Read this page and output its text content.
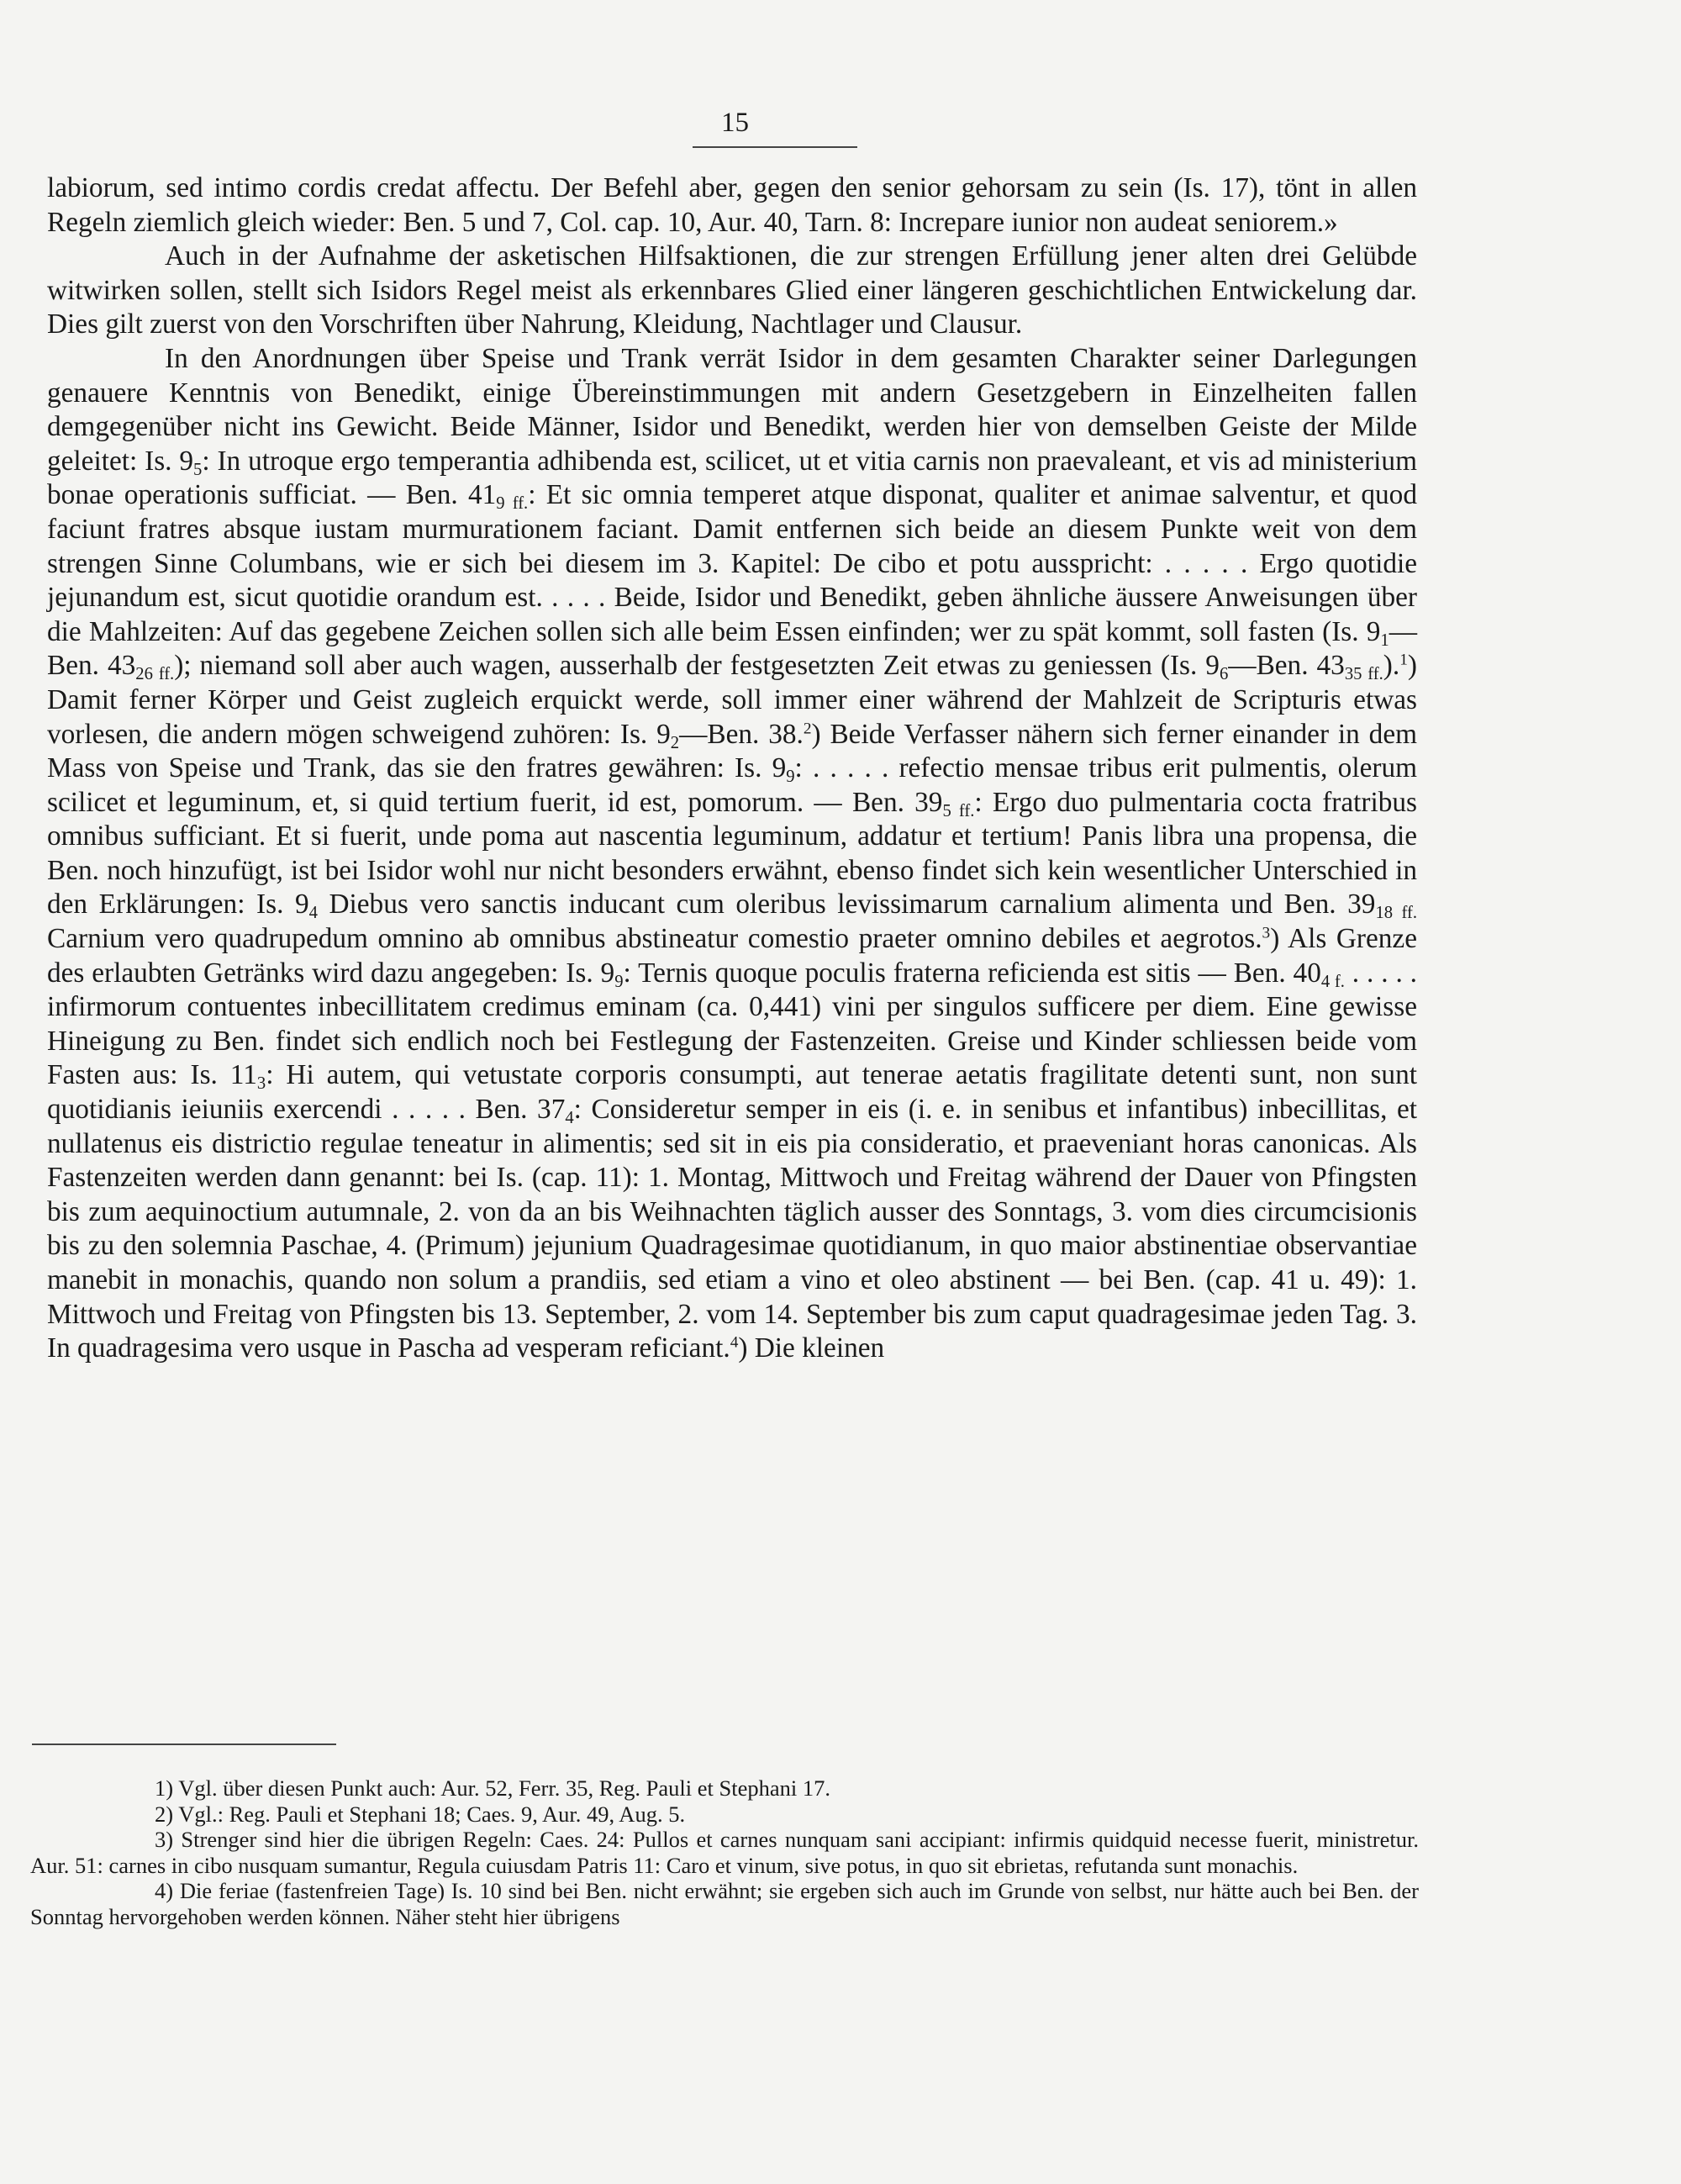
15

labiorum, sed intimo cordis credat affectu. Der Befehl aber, gegen den senior gehorsam zu sein (Is. 17), tönt in allen Regeln ziemlich gleich wieder: Ben. 5 und 7, Col. cap. 10, Aur. 40, Tarn. 8: Increpare iunior non audeat seniorem.»

Auch in der Aufnahme der asketischen Hilfsaktionen, die zur strengen Erfüllung jener alten drei Gelübde witwirken sollen, stellt sich Isidors Regel meist als erkennbares Glied einer längeren geschichtlichen Entwickelung dar. Dies gilt zuerst von den Vorschriften über Nahrung, Kleidung, Nachtlager und Clausur.

In den Anordnungen über Speise und Trank verrät Isidor in dem gesamten Charakter seiner Darlegungen genauere Kenntnis von Benedikt, einige Übereinstimmungen mit andern Gesetzgebern in Einzelheiten fallen demgegenüber nicht ins Gewicht. Beide Männer, Isidor und Benedikt, werden hier von demselben Geiste der Milde geleitet: Is. $9_5$: In utroque ergo temperantia adhibenda est, scilicet, ut et vitia carnis non praevaleant, et vis ad ministerium bonae operationis sufficiat. — Ben. $41_{9 ff.}$: Et sic omnia temperet atque disponat, qualiter et animae salventur, et quod faciunt fratres absque iustam murmurationem faciant. Damit entfernen sich beide an diesem Punkte weit von dem strengen Sinne Columbans, wie er sich bei diesem im 3. Kapitel: De cibo et potu ausspricht: . . . . . Ergo quotidie jejunandum est, sicut quotidie orandum est. . . . . Beide, Isidor und Benedikt, geben ähnliche äussere Anweisungen über die Mahlzeiten: Auf das gegebene Zeichen sollen sich alle beim Essen einfinden; wer zu spät kommt, soll fasten (Is. $9_1—Ben$. $43_{26 ff.}$); niemand soll aber auch wagen, ausserhalb der festgesetzten Zeit etwas zu geniessen (Is. $9_6—Ben$. $43_{35 ff.}).^1$) Damit ferner Körper und Geist zugleich erquickt werde, soll immer einer während der Mahlzeit de Scripturis etwas vorlesen, die andern mögen schweigend zuhören: Is. $9_2—Ben$. 38.$^2$) Beide Verfasser nähern sich ferner einander in dem Mass von Speise und Trank, das sie den fratres gewähren: Is. $9_9$: . . . . . refectio mensae tribus erit pulmentis, olerum scilicet et leguminum, et, si quid tertium fuerit, id est, pomorum. — Ben. $39_{5 ff.}$: Ergo duo pulmentaria cocta fratribus omnibus sufficiant. Et si fuerit, unde poma aut nascentia leguminum, addatur et tertium! Panis libra una propensa, die Ben. noch hinzufügt, ist bei Isidor wohl nur nicht besonders erwähnt, ebenso findet sich kein wesentlicher Unterschied in den Erklärungen: Is. $9_4$ Diebus vero sanctis inducant cum oleribus levissimarum carnalium alimenta und Ben. $39_{18 ff.}$ Carnium vero quadrupedum omnino ab omnibus abstineatur comestio praeter omnino debiles et aegrotos.$^3$) Als Grenze des erlaubten Getränks wird dazu angegeben: Is. $9_9$: Ternis quoque poculis fraterna reficienda est sitis — Ben. $40_{4 f.}$ . . . . . infirmorum contuentes inbecillitatem credimus eminam (ca. 0,441) vini per singulos sufficere per diem. Eine gewisse Hineigung zu Ben. findet sich endlich noch bei Festlegung der Fastenzeiten. Greise und Kinder schliessen beide vom Fasten aus: Is. $11_3$: Hi autem, qui vetustate corporis consumpti, aut tenerae aetatis fragilitate detenti sunt, non sunt quotidianis ieiuniis exercendi . . . . . Ben. $37_4$: Consideretur semper in eis (i. e. in senibus et infantibus) inbecillitas, et nullatenus eis districtio regulae teneatur in alimentis; sed sit in eis pia consideratio, et praeveniant horas canonicas. Als Fastenzeiten werden dann genannt: bei Is. (cap. 11): 1. Montag, Mittwoch und Freitag während der Dauer von Pfingsten bis zum aequinoctium autumnale, 2. von da an bis Weihnachten täglich ausser des Sonntags, 3. vom dies circumcisionis bis zu den solemnia Paschae, 4. (Primum) jejunium Quadragesimae quotidianum, in quo maior abstinentiae observantiae manebit in monachis, quando non solum a prandiis, sed etiam a vino et oleo abstinent — bei Ben. (cap. 41 u. 49): 1. Mittwoch und Freitag von Pfingsten bis 13. September, 2. vom 14. September bis zum caput quadragesimae jeden Tag. 3. In quadragesima vero usque in Pascha ad vesperam reficiant.$^4$) Die kleinen

1) Vgl. über diesen Punkt auch: Aur. 52, Ferr. 35, Reg. Pauli et Stephani 17.

2) Vgl.: Reg. Pauli et Stephani 18; Caes. 9, Aur. 49, Aug. 5.

3) Strenger sind hier die übrigen Regeln: Caes. 24: Pullos et carnes nunquam sani accipiant: infirmis quidquid necesse fuerit, ministretur. Aur. 51: carnes in cibo nusquam sumantur, Regula cuiusdam Patris 11: Caro et vinum, sive potus, in quo sit ebrietas, refutanda sunt monachis.

4) Die feriae (fastenfreien Tage) Is. 10 sind bei Ben. nicht erwähnt; sie ergeben sich auch im Grunde von selbst, nur hätte auch bei Ben. der Sonntag hervorgehoben werden können. Näher steht hier übrigens
